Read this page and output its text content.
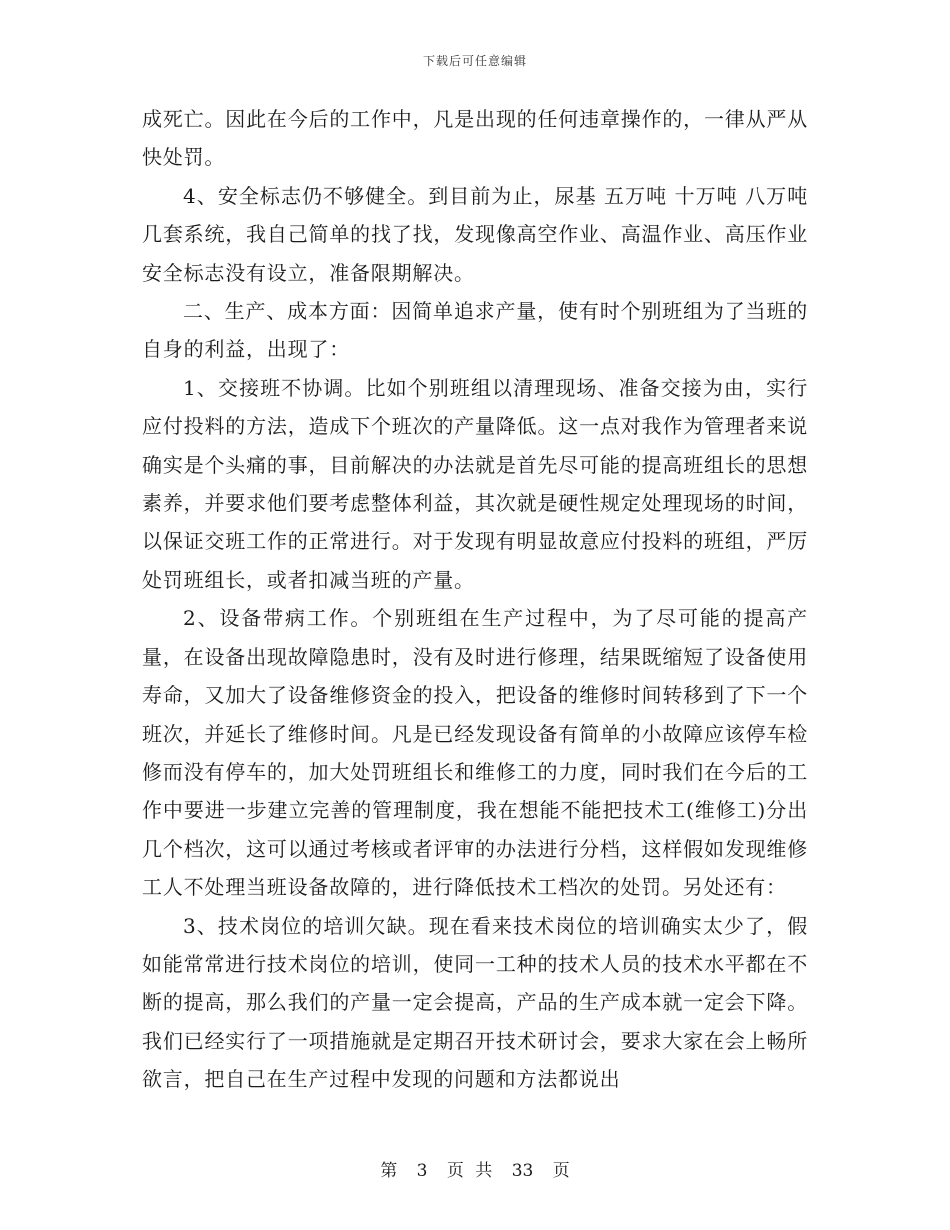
下载后可任意编辑

成死亡。因此在今后的工作中，凡是出现的任何违章操作的，一律从严从快处罚。

4、安全标志仍不够健全。到目前为止，尿基 五万吨 十万吨 八万吨几套系统，我自己简单的找了找，发现像高空作业、高温作业、高压作业安全标志没有设立，准备限期解决。

二、生产、成本方面：因简单追求产量，使有时个别班组为了当班的自身的利益，出现了：

1、交接班不协调。比如个别班组以清理现场、准备交接为由，实行应付投料的方法，造成下个班次的产量降低。这一点对我作为管理者来说确实是个头痛的事，目前解决的办法就是首先尽可能的提高班组长的思想素养，并要求他们要考虑整体利益，其次就是硬性规定处理现场的时间，以保证交班工作的正常进行。对于发现有明显故意应付投料的班组，严厉处罚班组长，或者扣减当班的产量。

2、设备带病工作。个别班组在生产过程中，为了尽可能的提高产量，在设备出现故障隐患时，没有及时进行修理，结果既缩短了设备使用寿命，又加大了设备维修资金的投入，把设备的维修时间转移到了下一个班次，并延长了维修时间。凡是已经发现设备有简单的小故障应该停车检修而没有停车的，加大处罚班组长和维修工的力度，同时我们在今后的工作中要进一步建立完善的管理制度，我在想能不能把技术工(维修工)分出几个档次，这可以通过考核或者评审的办法进行分档，这样假如发现维修工人不处理当班设备故障的，进行降低技术工档次的处罚。另处还有：

3、技术岗位的培训欠缺。现在看来技术岗位的培训确实太少了，假如能常常进行技术岗位的培训，使同一工种的技术人员的技术水平都在不断的提高，那么我们的产量一定会提高，产品的生产成本就一定会下降。我们已经实行了一项措施就是定期召开技术研讨会，要求大家在会上畅所欲言，把自己在生产过程中发现的问题和方法都说出

第 3 页 共 33 页
